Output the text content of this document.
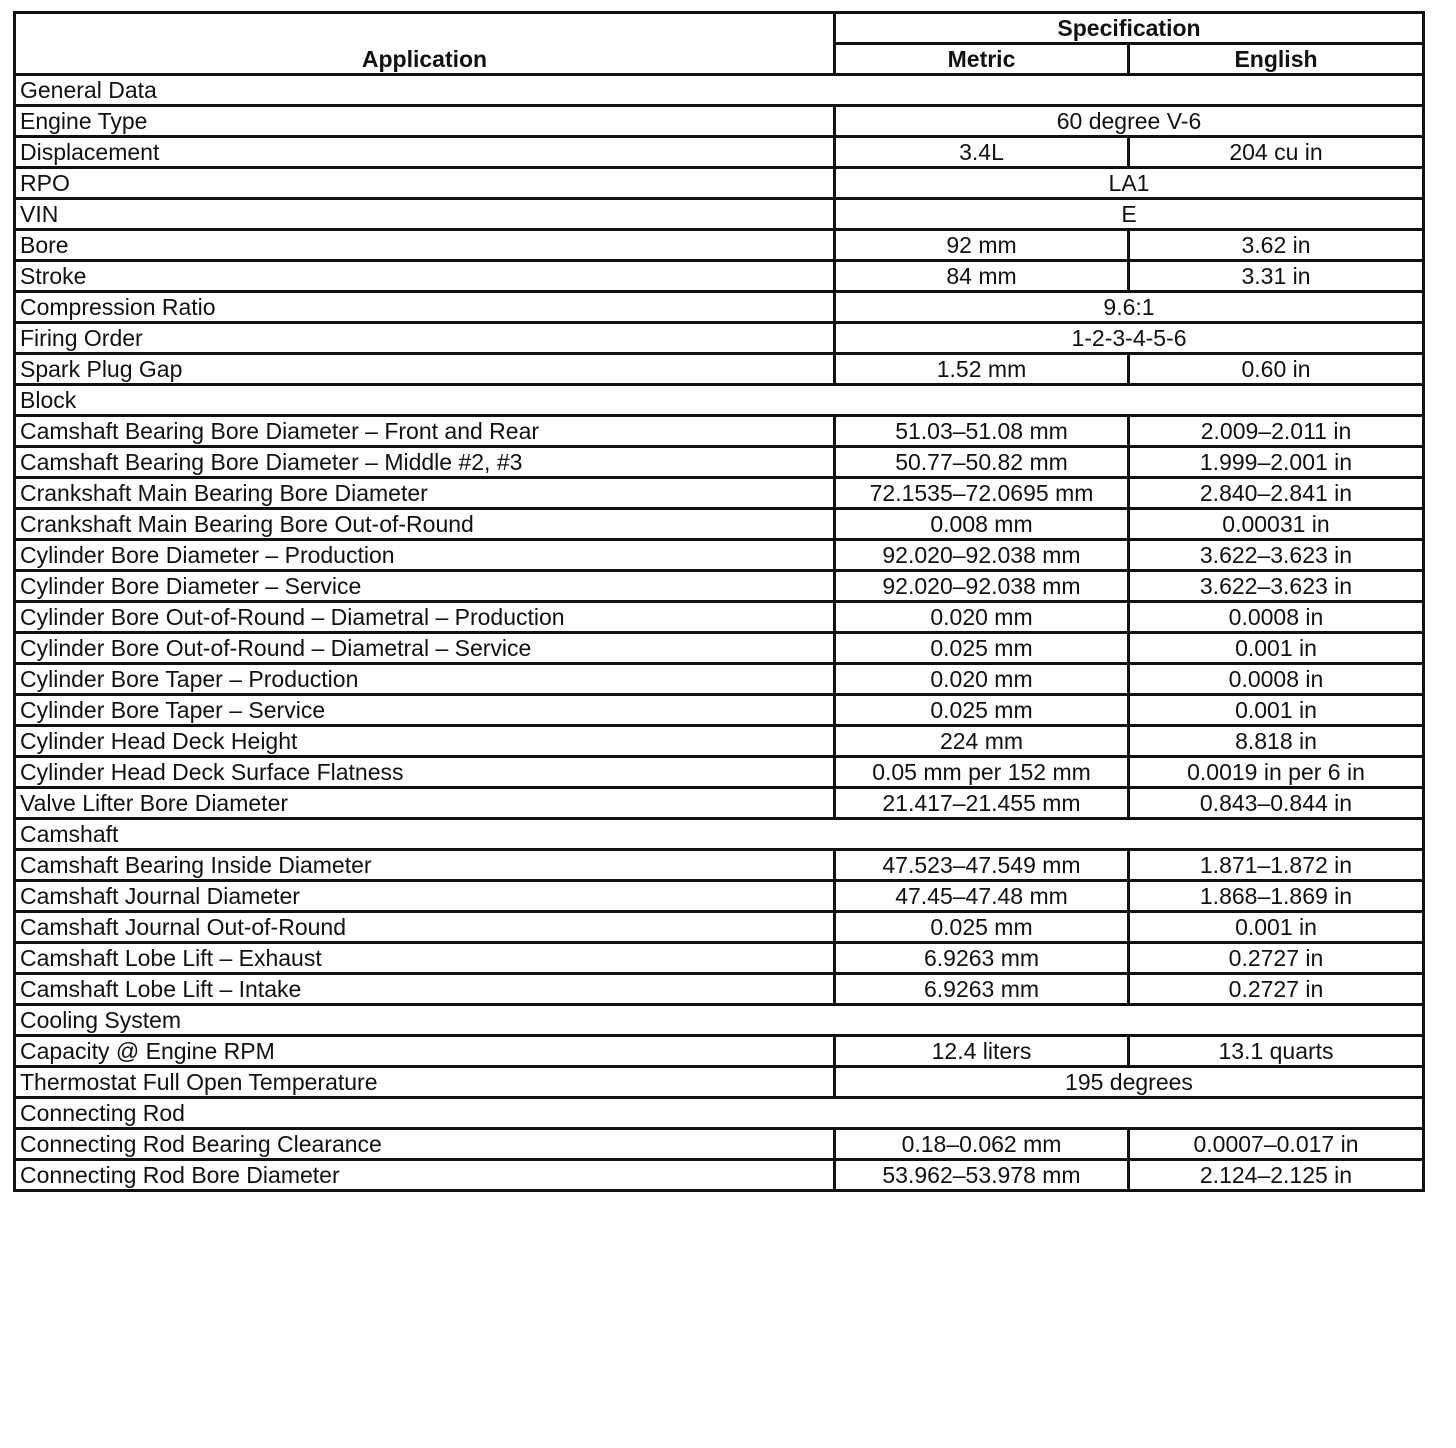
Application	Specification	
	Metric	English
General Data		
Engine Type	60 degree V-6	
Displacement	3.4L	204 cu in
RPO	LA1	
VIN	E	
Bore	92 mm	3.62 in
Stroke	84 mm	3.31 in
Compression Ratio	9.6:1	
Firing Order	1-2-3-4-5-6	
Spark Plug Gap	1.52 mm	0.60 in
Block		
Camshaft Bearing Bore Diameter – Front and Rear	51.03–51.08 mm	2.009–2.011 in
Camshaft Bearing Bore Diameter – Middle #2, #3	50.77–50.82 mm	1.999–2.001 in
Crankshaft Main Bearing Bore Diameter	72.1535–72.0695 mm	2.840–2.841 in
Crankshaft Main Bearing Bore Out-of-Round	0.008 mm	0.00031 in
Cylinder Bore Diameter – Production	92.020–92.038 mm	3.622–3.623 in
Cylinder Bore Diameter – Service	92.020–92.038 mm	3.622–3.623 in
Cylinder Bore Out-of-Round – Diametral – Production	0.020 mm	0.0008 in
Cylinder Bore Out-of-Round – Diametral – Service	0.025 mm	0.001 in
Cylinder Bore Taper – Production	0.020 mm	0.0008 in
Cylinder Bore Taper – Service	0.025 mm	0.001 in
Cylinder Head Deck Height	224 mm	8.818 in
Cylinder Head Deck Surface Flatness	0.05 mm per 152 mm	0.0019 in per 6 in
Valve Lifter Bore Diameter	21.417–21.455 mm	0.843–0.844 in
Camshaft		
Camshaft Bearing Inside Diameter	47.523–47.549 mm	1.871–1.872 in
Camshaft Journal Diameter	47.45–47.48 mm	1.868–1.869 in
Camshaft Journal Out-of-Round	0.025 mm	0.001 in
Camshaft Lobe Lift – Exhaust	6.9263 mm	0.2727 in
Camshaft Lobe Lift – Intake	6.9263 mm	0.2727 in
Cooling System		
Capacity @ Engine RPM	12.4 liters	13.1 quarts
Thermostat Full Open Temperature	195 degrees	
Connecting Rod		
Connecting Rod Bearing Clearance	0.18–0.062 mm	0.0007–0.017 in
Connecting Rod Bore Diameter	53.962–53.978 mm	2.124–2.125 in
